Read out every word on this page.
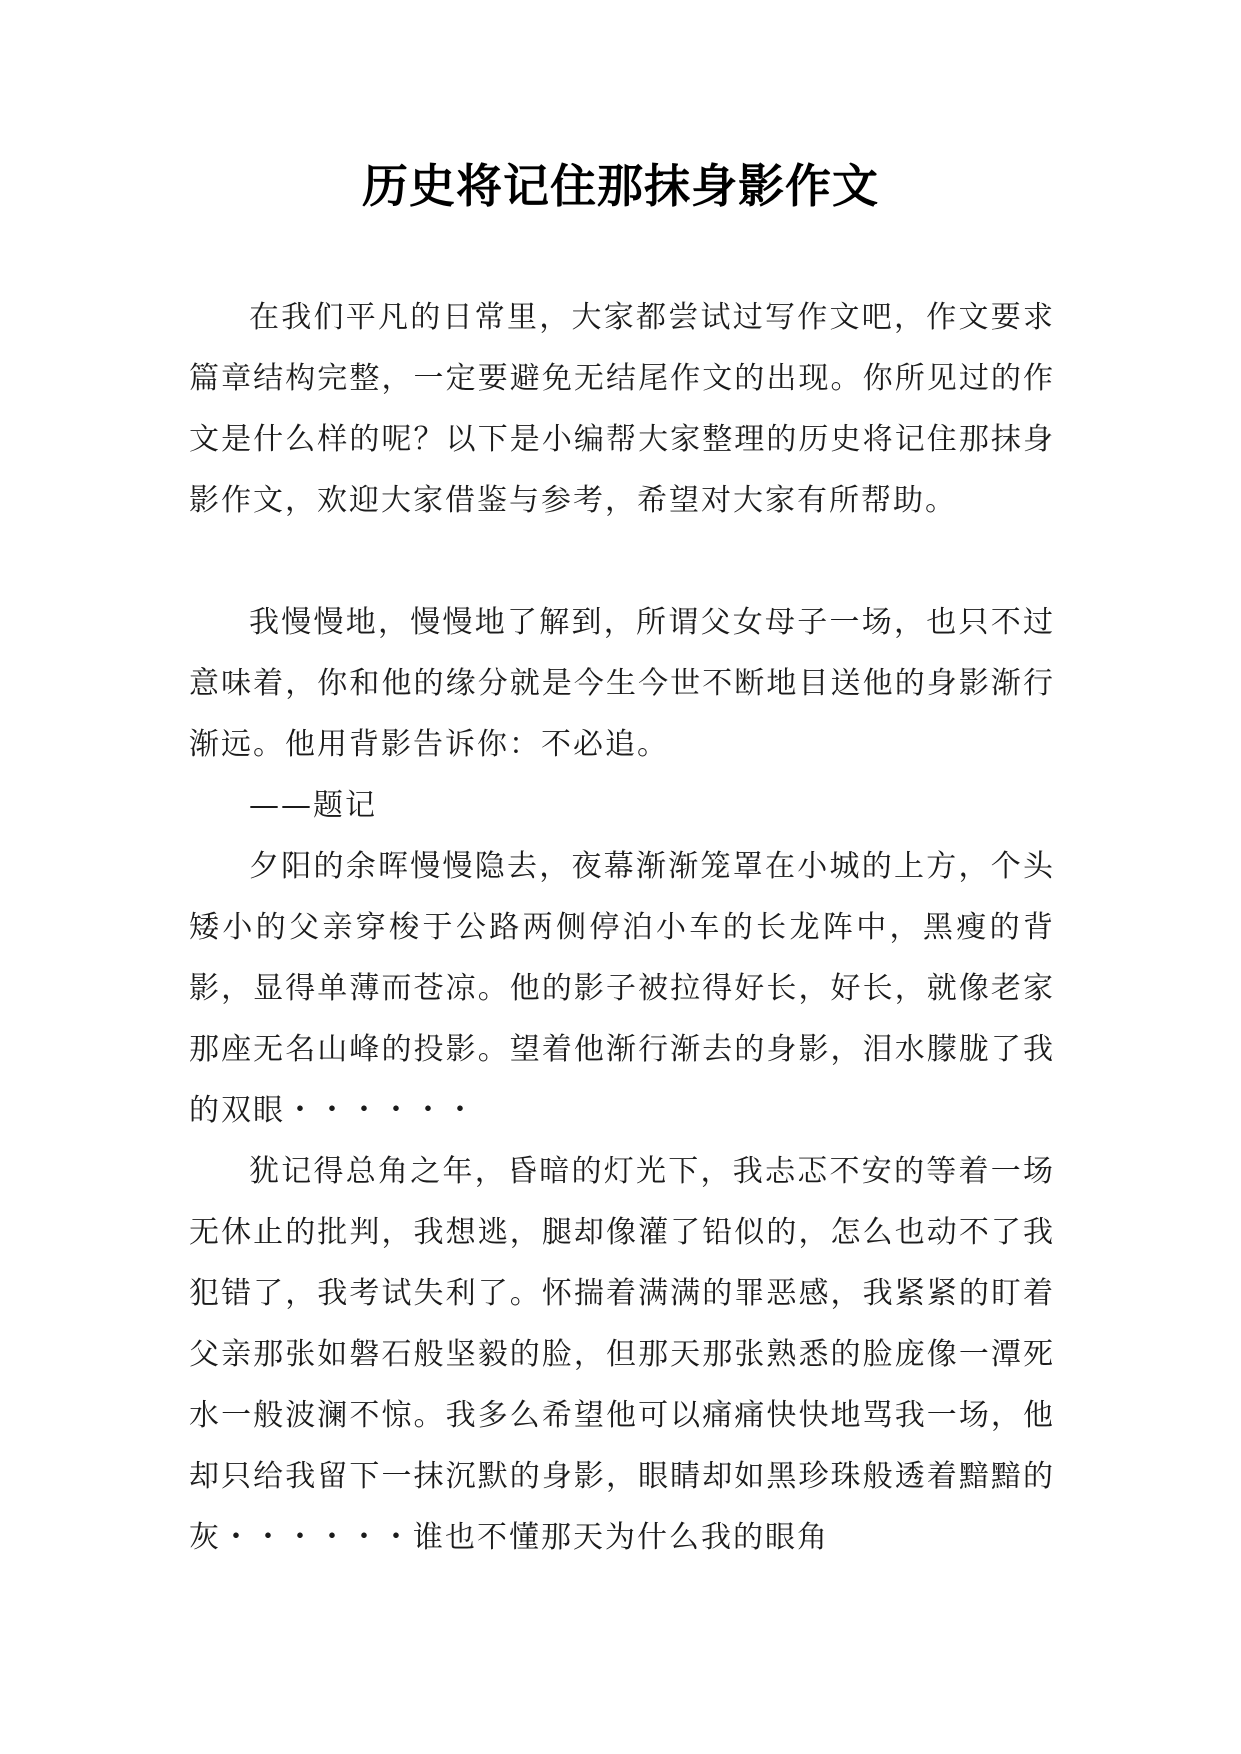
历史将记住那抹身影作文

在我们平凡的日常里，大家都尝试过写作文吧，作文要求篇章结构完整，一定要避免无结尾作文的出现。你所见过的作文是什么样的呢？以下是小编帮大家整理的历史将记住那抹身影作文，欢迎大家借鉴与参考，希望对大家有所帮助。

我慢慢地，慢慢地了解到，所谓父女母子一场，也只不过意味着，你和他的缘分就是今生今世不断地目送他的身影渐行渐远。他用背影告诉你：不必追。

——题记

夕阳的余晖慢慢隐去，夜幕渐渐笼罩在小城的上方，个头矮小的父亲穿梭于公路两侧停泊小车的长龙阵中，黑瘦的背影，显得单薄而苍凉。他的影子被拉得好长，好长，就像老家那座无名山峰的投影。望着他渐行渐去的身影，泪水朦胧了我的双眼・・・・・・

犹记得总角之年，昏暗的灯光下，我忐忑不安的等着一场无休止的批判，我想逃，腿却像灌了铅似的，怎么也动不了我犯错了，我考试失利了。怀揣着满满的罪恶感，我紧紧的盯着父亲那张如磐石般坚毅的脸，但那天那张熟悉的脸庞像一潭死水一般波澜不惊。我多么希望他可以痛痛快快地骂我一场，他却只给我留下一抹沉默的身影，眼睛却如黑珍珠般透着黯黯的灰・・・・・・谁也不懂那天为什么我的眼角
